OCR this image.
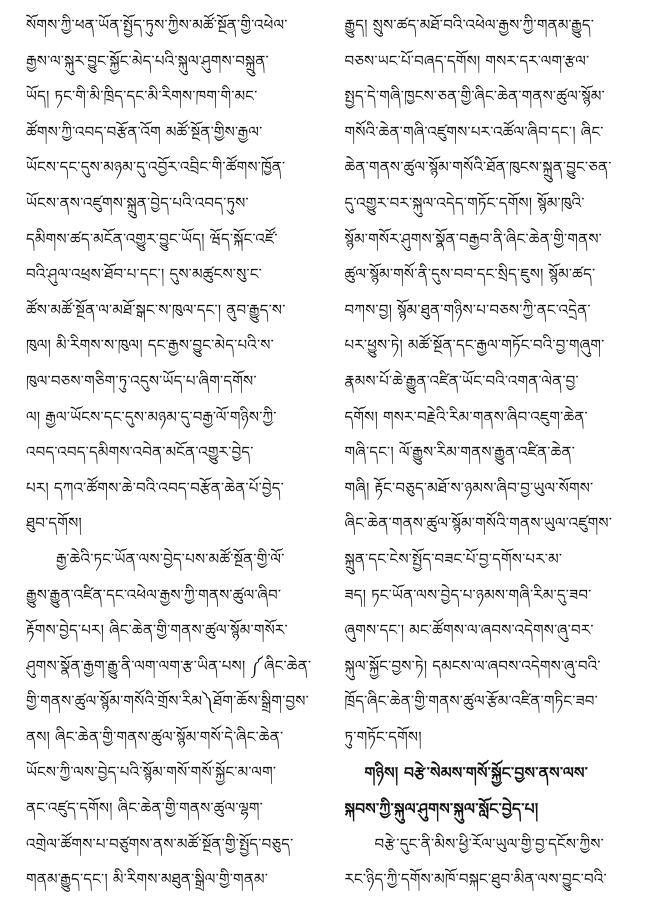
སོགས་ཀྱི་ཕན་ཡོན་སྤྱོད་ཏུས་ཀྱིས་མཚོ་སྔོན་གྱི་འཕེལ་
རྒྱས་ལ་སྐུར་བྱུང་སྐྱོང་མེད་པའི་སྐུལ་ཤུགས་བསྐྲུན་
ཡོད། ཏང་གི་མི་ཁྲིད་དང་མི་རིགས་ཁག་གི་མང་
ཚོགས་ཀྱི་འབད་བརྩོན་འོག མཚོ་སྔོན་གྱིས་རྒྱལ་
ཡོངས་དང་དུས་མཉམ་དུ་འབྱོར་འབྲིང་གི་ཚོགས་ཁྱོན་
ཡོངས་ནས་འཛུགས་སྐྲུན་བྱེད་པའི་འབད་ཏུས་
དམིགས་ཚད་མངོན་འགྱུར་བྱུང་ཡོད། ཝོད་སྐོང་འཛོ་
བའི་ཤུལ་འཕྲས་ཐོབ་པ་དང་། དུས་མཚུངས་སུ་ང་
ཚོས་མཚོ་སྔོན་ལ་མཐོ་སྒང་ས་ཁུལ་དང་། ནུབ་རྒྱུད་ས་
ཁུལ། མི་རིགས་ས་ཁུལ། དང་རྒྱས་བྱུང་མེད་པའི་ས་
ཁུལ་བཅས་གཅིག་ཏུ་འདུས་ཡོད་པ་ཞིག་དགོས་
ལ། རྒྱལ་ཡོངས་དང་དུས་མཉམ་དུ་བརྒྱ་ལོ་གཉིས་ཀྱི་
འབད་འབད་དམིགས་འབེན་མངོན་འགྱུར་བྱེད་
པར། དཀའ་ཚོགས་ཆེ་བའི་འབད་བརྩོན་ཆེན་པོ་བྱེད་
ཐུབ་དགོས།
རྒྱ་ཆེའི་ཏང་ཡོན་ལས་བྱེད་པས་མཚོ་སྔོན་གྱི་ལོ་
རྒྱུས་རྒྱུན་འཛིན་དང་འཕེལ་རྒྱས་ཀྱི་གནས་ཚུལ་ཞིབ་
རྟོགས་བྱེད་པར། ཞིང་ཆེན་གྱི་གནས་ཚུལ་སྙོམ་གསོར་
ཤུགས་སྣོན་རྒྱག་རྒྱུ་ནི་ལག་ལག་རྩ་ཡིན་པས། ༼ཞིང་ཆེན་
གྱི་གནས་ཚུལ་སྙོམ་གསོའི་གྲོས་རིམ༽ཐོག་ཆོས་སྒྲིག་བྱས་
ནས། ཞིང་ཆེན་གྱི་གནས་ཚུལ་སྙོམ་གསོ་དེ་ཞིང་ཆེན་
ཡོངས་ཀྱི་ལས་བྱེད་པའི་སྙོམ་གསོ་གསོ་སྐྱོང་མ་ལག་
ནང་འཛུད་དགོས། ཞིང་ཆེན་གྱི་གནས་ཚུལ་ལྷག་
འགྲེལ་ཚོགས་པ་བཙུགས་ནས་མཚོ་སྔོན་གྱི་སྤྱོད་བཅུད་
གནམ་རྒྱུད་དང་། མི་རིགས་མཐུན་སྒྲིལ་གྱི་གནམ་
རྒྱུད། སྲུས་ཚད་མཐོ་བའི་འཕེལ་རྒྱས་ཀྱི་གནམ་རྒྱུད་
བཅས་ཡང་པོ་བཞད་དགོས། གསར་དར་ལག་རྩལ་
སྤྱད་དེ་གཞི་ཁྱངས་ཅན་གྱི་ཞིང་ཆེན་གནས་ཚུལ་སྙོམ་
གསོའི་ཆེན་གཞི་འཛུགས་པར་འཚོལ་ཞིབ་དང་། ཞིང་
ཆེན་གནས་ཚུལ་སྙོམ་གསོའི་ཐོན་ཁུངས་སྐྲུན་བྱུང་ཅན་
དུ་འགྱུར་བར་སྐུལ་འདེད་གཏོང་དགོས། སྙོམ་ཁུའི་
སྙོམ་གསོར་ཤུགས་སྣོན་བརྒྱབ་ནི་ཞིང་ཆེན་གྱི་གནས་
ཚུལ་སྙོམ་གསོ་ནི་དུས་བབ་དང་སྲིད་ཇུས། སྙོམ་ཚད་
བཀས་བྱ། སྙོམ་ཐུན་གཉིས་པ་བཅས་ཀྱི་ནང་འདྲེན་
པར་ཕྱུས་ཏེ། མཚོ་སྔོན་དང་རྒྱལ་གཏོང་བའི་བྱ་གཞུག་
རྣམས་པོ་ཆེ་རྒྱུན་འཛིན་ཡོང་བའི་འགན་ལེན་བྱ་
དགོས། གསར་བརྗེའི་རིམ་གནས་ཞིབ་འཇུག་ཆེན་
གཞི་དང་། ལོ་རྒྱུས་རིམ་གནས་རྒྱུན་འཛིན་ཆེན་
གཞི། རྟོང་བཅུད་མཐོ་ས་ཉམས་ཞིབ་བྱ་ཡུལ་སོགས་
ཞིང་ཆེན་གནས་ཚུལ་སྙོམ་གསོའི་གནས་ཡུལ་འཛུགས་
སྐྲུན་དང་ངེས་སྤྱོད་བཟང་པོ་བྱ་དགོས་པར་མ་
ཟད། ཏང་ཡོན་ལས་བྱེད་པ་ཉམས་གཞི་རིམ་དུ་ཟབ་
ཞུགས་དང་། མང་ཚོགས་ལ་ཞབས་འདེགས་ཞུ་བར་
སྐུལ་སྐྱོང་བྱས་ཏེ། དམངས་ལ་ཞབས་འདེགས་ཞུ་བའི་
ཁྲོད་ཞིང་ཆེན་གྱི་གནས་ཚུལ་རྩོམ་འཛིན་གཏིང་ཟབ་
ཏུ་གཏོང་དགོས།
གཉིས། བརྩེ་སེམས་གསོ་སྐྱོང་བྱས་ནས་ལས་
སྐབས་ཀྱི་སྐུལ་ཤུགས་སྐུལ་སློང་བྱེད་པ།
བརྩེ་དུང་ནི་མིས་ཕྱི་རོལ་ཡུལ་གྱི་བྱ་དངོས་ཀྱིས་
རང་ཉིད་ཀྱི་དགོས་མཁོ་བསྐང་ཐུབ་མིན་ལས་བྱུང་བའི་
